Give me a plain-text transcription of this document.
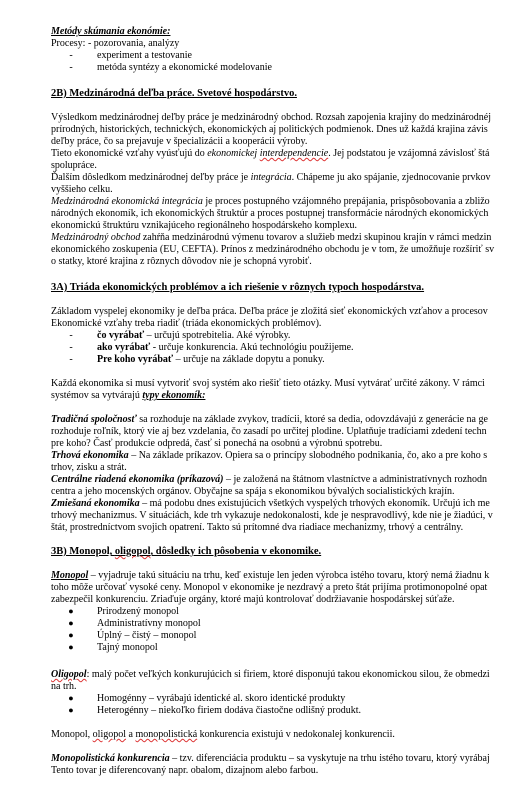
Metódy skúmania ekonómie:
Procesy: - pozorovania, analýzy
-	experiment a testovanie
-	metóda syntézy a ekonomické modelovanie
2B) Medzinárodná deľba práce. Svetové hospodárstvo.
Výsledkom medzinárodnej deľby práce je medzinárodný obchod. Rozsah zapojenia krajiny do medzinárodnéj
prírodných, historických, technických, ekonomických aj politických podmienok. Dnes už každá krajina závis
deľby práce, čo sa prejavuje v špecializácii a kooperácii výroby.
Tieto ekonomické vzťahy vyúsťujú do ekonomickej interdependencie. Jej podstatou je vzájomná závislosť štá
spolupráce.
Ďalším dôsledkom medzinárodnej deľby práce je integrácia. Chápeme ju ako spájanie, zjednocovanie prvkov
vyššieho celku.
Medzinárodná ekonomická integrácia je proces postupného vzájomného prepájania, prispôsobovania a zbližo
národných ekonomík, ich ekonomických štruktúr a proces postupnej transformácie národných ekonomických
ekonomickú štruktúru vznikajúceho regionálneho hospodárskeho komplexu.
Medzinárodný obchod zahŕňa medzinárodnú výmenu tovarov a služieb medzi skupinou krajín v rámci medzin
ekonomického zoskupenia (EU, CEFTA). Prínos z medzinárodného obchodu je v tom, že umožňuje rozšíriť sv
o statky, ktoré krajina z rôznych dôvodov nie je schopná vyrobiť.
3A) Triáda ekonomických problémov a ich riešenie v rôznych typoch hospodárstva.
Základom vyspelej ekonomiky je deľba práca. Deľba práce je zložitá sieť ekonomických vzťahov a procesov
Ekonomické vzťahy treba riadiť (triáda ekonomických problémov).
-	čo vyrábať – určujú spotrebitelia. Aké výrobky.
-	ako vyrábať - určuje konkurencia. Akú technológiu použijeme.
-	Pre koho vyrábať – určuje na základe dopytu a ponuky.
Každá ekonomika si musí vytvoriť svoj systém ako riešiť tieto otázky. Musí vytvárať určité zákony. V rámci
systémov sa vytvárajú typy ekonomík:
Tradičná spoločnosť sa rozhoduje na základe zvykov, tradícii, ktoré sa dedia, odovzdávajú z generácie na ge
rozhoduje roľník, ktorý vie aj bez vzdelania, čo zasadí po určitej plodine. Uplatňuje tradíciami zdedení techn
pre koho? Časť produkcie odpredá, časť si ponechá na osobnú a výrobnú spotrebu.
Trhová ekonomika – Na základe príkazov. Opiera sa o princípy slobodného podnikania, čo, ako a pre koho s
trhov, zisku a strát.
Centrálne riadená ekonomika (príkazová) – je založená na štátnom vlastníctve a administratívnych rozhodn
centra a jeho mocenských orgánov. Obyčajne sa spája s ekonomikou bývalých socialistických krajín.
Zmiešaná ekonomika – má podobu dnes existujúcich všetkých vyspelých trhových ekonomík. Určujú ich me
trhový mechanizmus. V situáciách, kde trh vykazuje nedokonalosti, kde je nespravodlivý, kde nie je žiadúci, v
štát, prostredníctvom svojich opatrení. Takto sú prítomné dva riadiace mechanizmy, trhový a centrálny.
3B) Monopol, oligopol, dôsledky ich pôsobenia v ekonomike.
Monopol – vyjadruje takú situáciu na trhu, keď existuje len jeden výrobca istého tovaru, ktorý nemá žiadnu k
toho môže určovať vysoké ceny. Monopol v ekonomike je nezdravý a preto štát prijíma protimonopolné opat
zabezpečil konkurenciu. Zriaďuje orgány, ktoré majú kontrolovať dodržiavanie hospodárskej súťaže.
●	Prirodzený monopol
●	Administratívny monopol
●	Úplný – čistý – monopol
●	Tajný monopol
Oligopol: malý počet veľkých konkurujúcich si firiem, ktoré disponujú takou ekonomickou silou, že obmedzi
na trh.
●	Homogénny – vyrábajú identické al. skoro identické produkty
●	Heterogénny – niekoľko firiem dodáva čiastočne odlišný produkt.
Monopol, oligopol a monopolistická konkurencia existujú v nedokonalej konkurencii.
Monopolistická konkurencia – tzv. diferenciácia produktu – sa vyskytuje na trhu istého tovaru, ktorý vyrábaj
Tento tovar je diferencovaný napr. obalom, dizajnom alebo farbou.
